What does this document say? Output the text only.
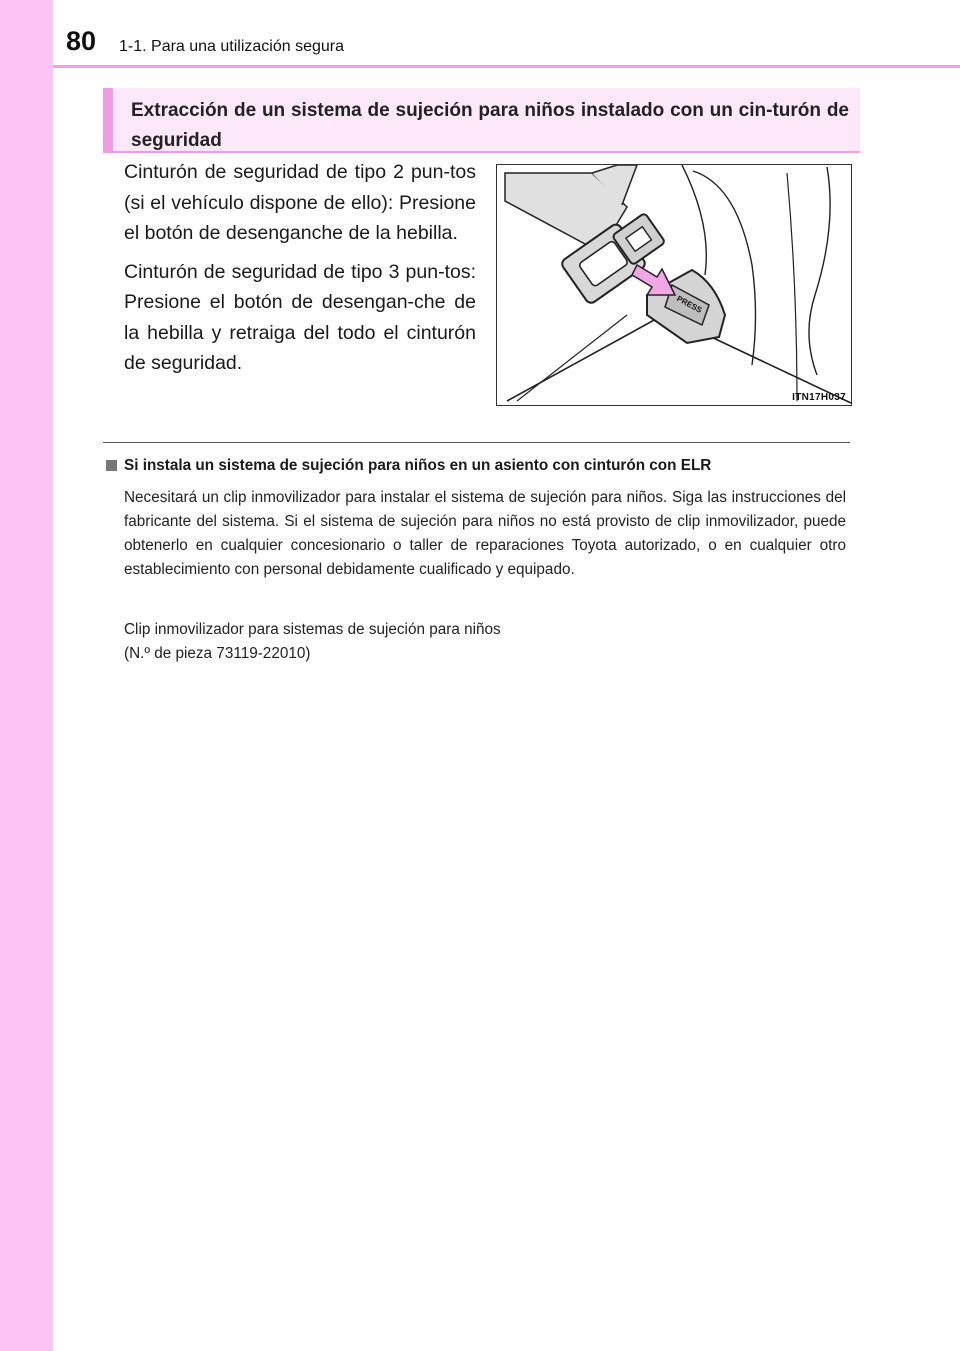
80 1-1. Para una utilización segura
Extracción de un sistema de sujeción para niños instalado con un cin-turón de seguridad

Cinturón de seguridad de tipo 2 pun-tos (si el vehículo dispone de ello): Presione el botón de desenganche de la hebilla.

Cinturón de seguridad de tipo 3 pun-tos: Presione el botón de desengan-che de la hebilla y retraiga del todo el cinturón de seguridad.

PRESS
ITN17H037
Si instala un sistema de sujeción para niños en un asiento con cinturón con ELR
Necesitará un clip inmovilizador para instalar el sistema de sujeción para niños. Siga las instrucciones del fabricante del sistema. Si el sistema de sujeción para niños no está provisto de clip inmovilizador, puede obtenerlo en cualquier concesionario o taller de reparaciones Toyota autorizado, o en cualquier otro establecimiento con personal debidamente cualificado y equipado.
Clip inmovilizador para sistemas de sujeción para niños
(N.º de pieza 73119-22010)
